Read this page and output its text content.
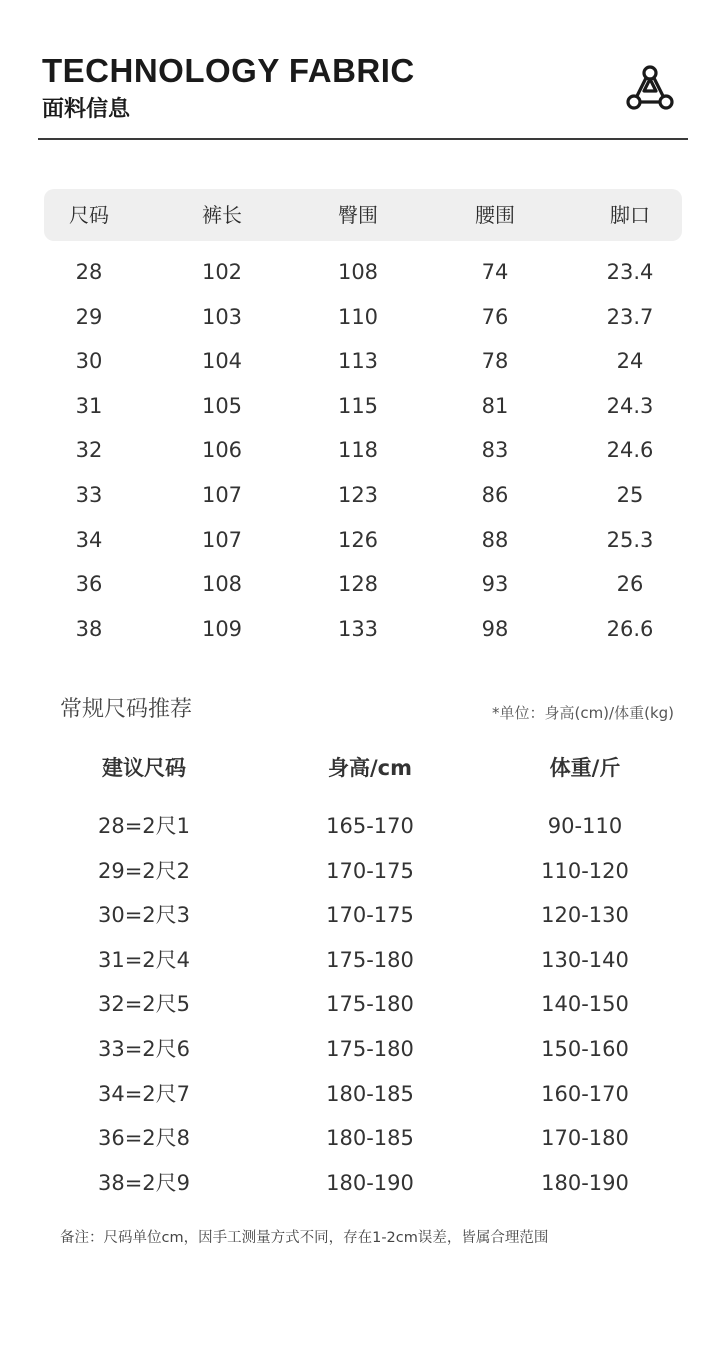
TECHNOLOGY FABRIC
面料信息
尺码	裤长	臀围	腰围	脚口
28	102	108	74	23.4
29	103	110	76	23.7
30	104	113	78	24
31	105	115	81	24.3
32	106	118	83	24.6
33	107	123	86	25
34	107	126	88	25.3
36	108	128	93	26
38	109	133	98	26.6
常规尺码推荐	*单位：身高(cm)/体重(kg)
建议尺码	身高/cm	体重/斤
28=2尺1	165-170	90-110
29=2尺2	170-175	110-120
30=2尺3	170-175	120-130
31=2尺4	175-180	130-140
32=2尺5	175-180	140-150
33=2尺6	175-180	150-160
34=2尺7	180-185	160-170
36=2尺8	180-185	170-180
38=2尺9	180-190	180-190
备注：尺码单位cm，因手工测量方式不同，存在1-2cm误差，皆属合理范围
